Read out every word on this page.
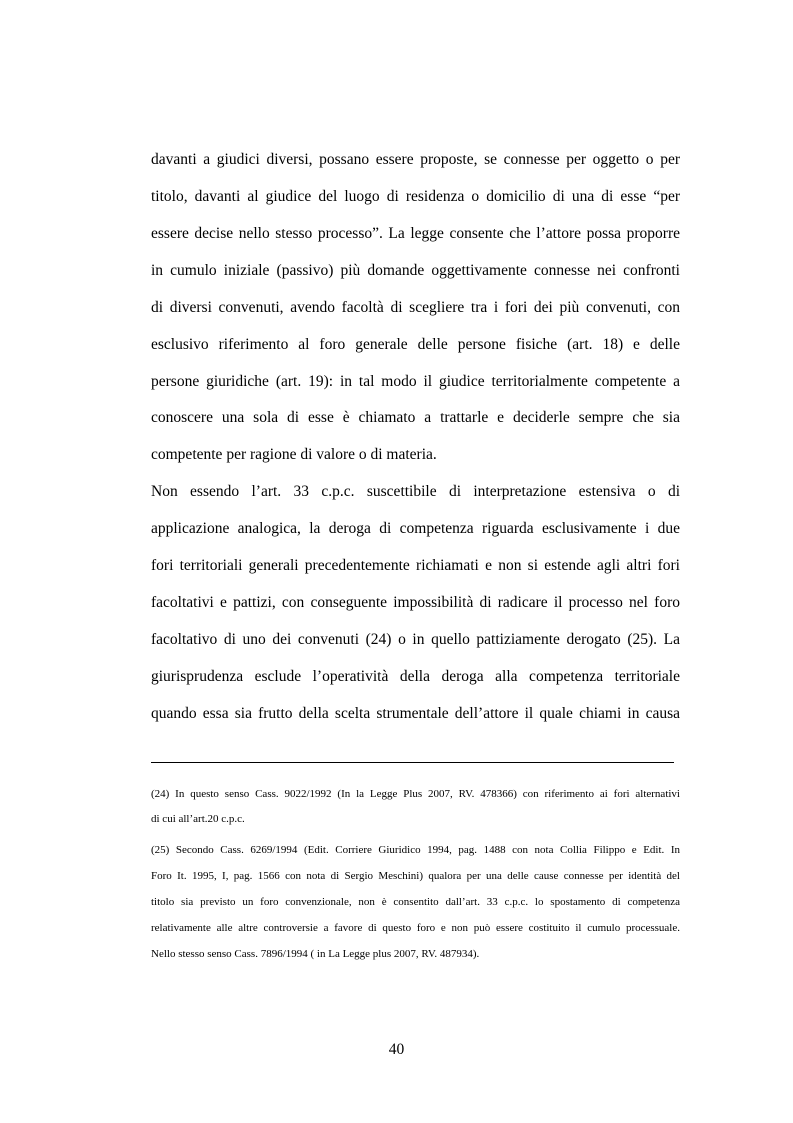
davanti a giudici diversi, possano essere proposte, se connesse per oggetto o per
titolo, davanti al giudice del luogo di residenza o domicilio di una di esse “per
essere decise nello stesso processo”. La legge consente che l’attore possa proporre
in cumulo iniziale (passivo) più domande oggettivamente connesse nei confronti
di diversi convenuti, avendo facoltà di scegliere tra i fori dei più convenuti, con
esclusivo riferimento al foro generale delle persone fisiche (art. 18) e delle
persone giuridiche (art. 19): in tal modo il giudice territorialmente competente a
conoscere una sola di esse è chiamato a trattarle e deciderle sempre che sia
competente per ragione di valore o di materia.
Non essendo l’art. 33 c.p.c. suscettibile di interpretazione estensiva o di
applicazione analogica, la deroga di competenza riguarda esclusivamente i due
fori territoriali generali precedentemente richiamati e non si estende agli altri fori
facoltativi e pattizi, con conseguente impossibilità di radicare il processo nel foro
facoltativo di uno dei convenuti (24) o in quello pattiziamente derogato (25). La
giurisprudenza esclude l’operatività della deroga alla competenza territoriale
quando essa sia frutto della scelta strumentale dell’attore il quale chiami in causa
(24) In questo senso Cass. 9022/1992 (In la Legge Plus 2007, RV. 478366) con riferimento ai fori alternativi
di cui all’art.20 c.p.c.
(25) Secondo Cass. 6269/1994 (Edit. Corriere Giuridico 1994, pag. 1488 con nota Collia Filippo e Edit. In
Foro It. 1995, I, pag. 1566 con nota di Sergio Meschini) qualora per una delle cause connesse per identità del
titolo sia previsto un foro convenzionale, non è consentito dall’art. 33 c.p.c. lo spostamento di competenza
relativamente alle altre controversie a favore di questo foro e non può essere costituito il cumulo processuale.
Nello stesso senso Cass. 7896/1994 ( in La Legge plus 2007, RV. 487934).
40
